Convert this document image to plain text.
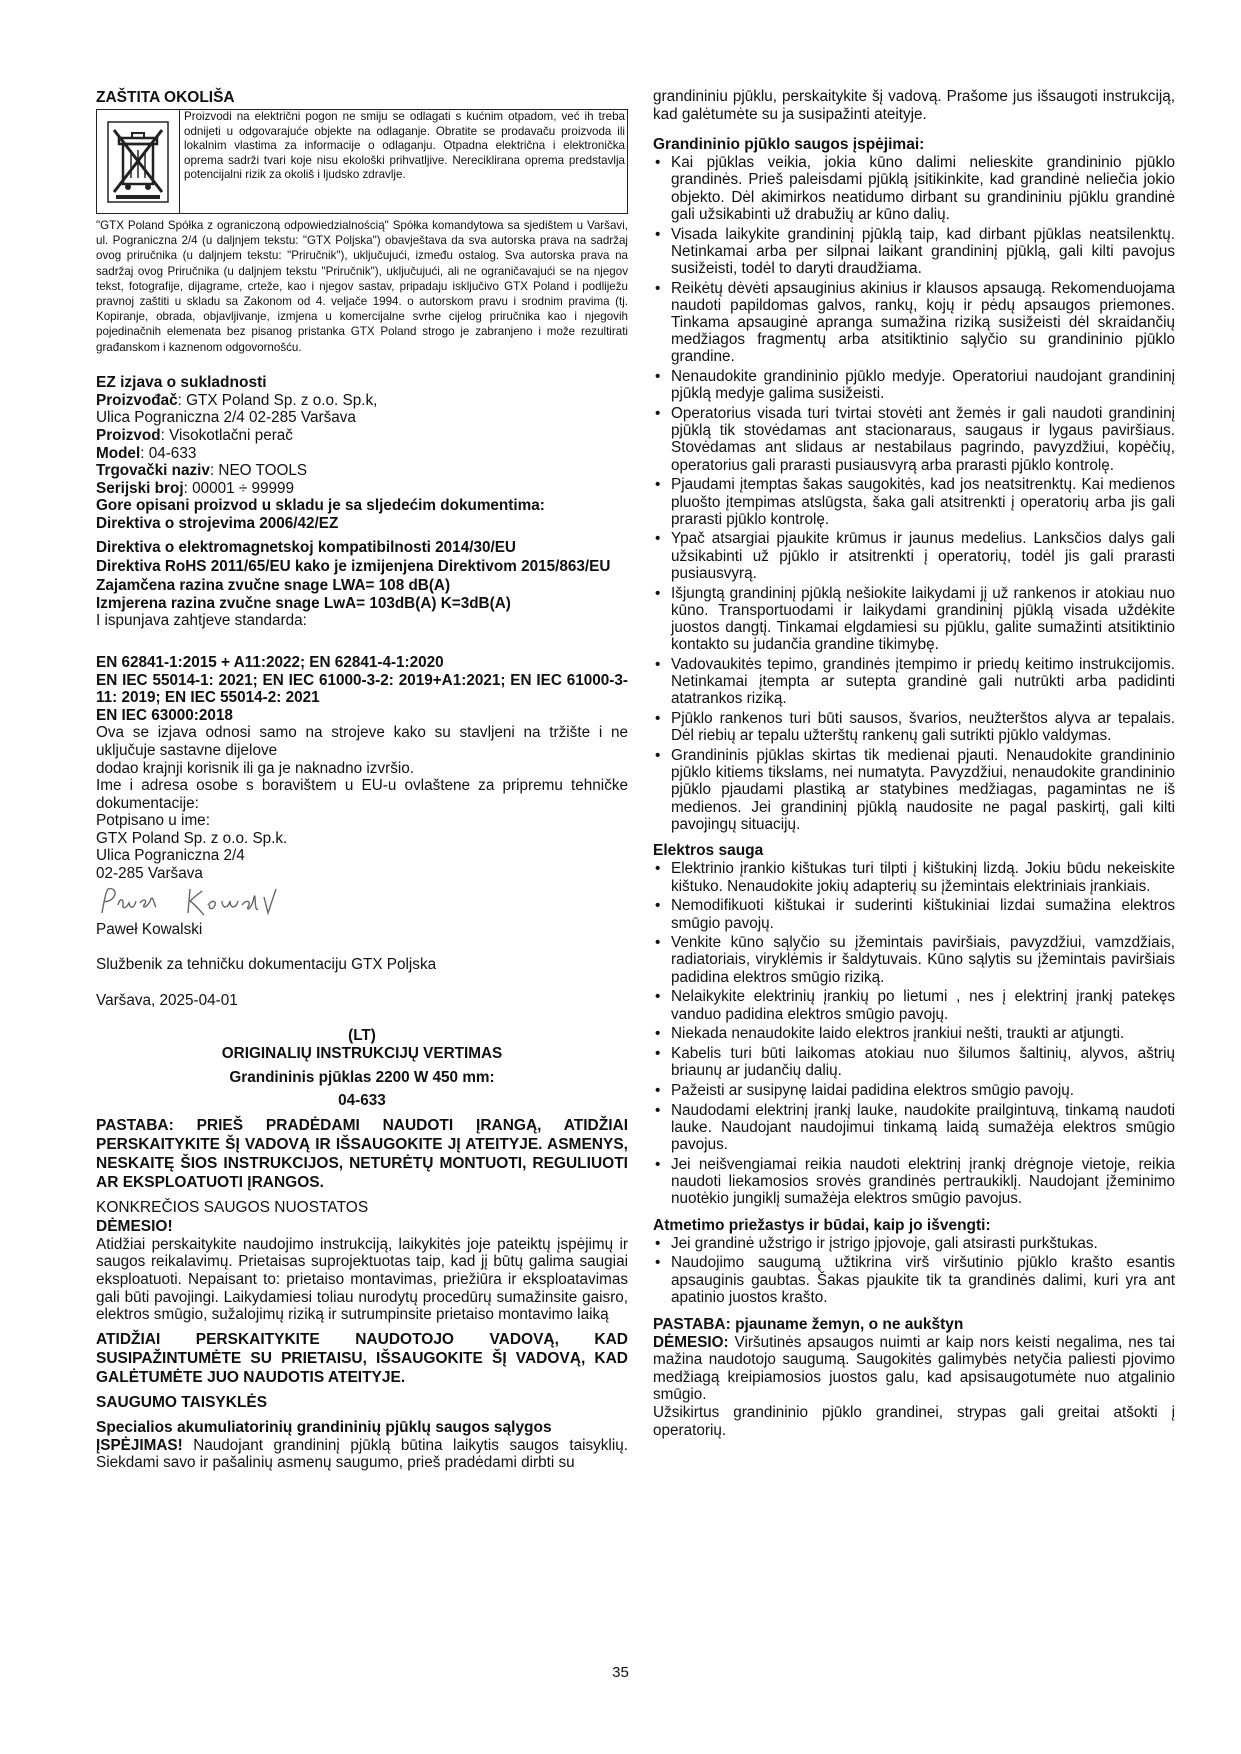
ZAŠTITA OKOLIŠA
Proizvodi na električni pogon ne smiju se odlagati s kućnim otpadom, već ih treba odnijeti u odgovarajuće objekte na odlaganje. Obratite se prodavaču proizvoda ili lokalnim vlastima za informacije o odlaganju. Otpadna električna i elektronička oprema sadrži tvari koje nisu ekološki prihvatljive. Nereciklirana oprema predstavlja potencijalni rizik za okoliš i ljudsko zdravlje.
"GTX Poland Spółka z ograniczoną odpowiedzialnością" Spółka komandytowa sa sjedištem u Varšavi, ul. Pograniczna 2/4 (u daljnjem tekstu: "GTX Poljska") obavještava da sva autorska prava na sadržaj ovog priručnika (u daljnjem tekstu: "Priručnik"), uključujući, između ostalog. Sva autorska prava na sadržaj ovog Priručnika (u daljnjem tekstu "Priručnik"), uključujući, ali ne ograničavajući se na njegov tekst, fotografije, dijagrame, crteže, kao i njegov sastav, pripadaju isključivo GTX Poland i podliježu pravnoj zaštiti u skladu sa Zakonom od 4. veljače 1994. o autorskom pravu i srodnim pravima (tj. Kopiranje, obrada, objavljivanje, izmjena u komercijalne svrhe cijelog priručnika kao i njegovih pojedinačnih elemenata bez pisanog pristanka GTX Poland strogo je zabranjeno i može rezultirati građanskom i kaznenom odgovornošću.
EZ izjava o sukladnosti

Proizvođač: GTX Poland Sp. z o.o. Sp.k,

Ulica Pograniczna 2/4 02-285 Varšava

Proizvod: Visokotlačni perač

Model: 04-633

Trgovački naziv: NEO TOOLS

Serijski broj: 00001 ÷ 99999

Gore opisani proizvod u skladu je sa sljedećim dokumentima:

Direktiva o strojevima 2006/42/EZ

Direktiva o elektromagnetskoj kompatibilnosti 2014/30/EU

Direktiva RoHS 2011/65/EU kako je izmijenjena Direktivom 2015/863/EU

Zajamčena razina zvučne snage LWA= 108 dB(A)

Izmjerena razina zvučne snage LwA= 103dB(A) K=3dB(A)

I ispunjava zahtjeve standarda:

EN 62841-1:2015 + A11:2022; EN 62841-4-1:2020

EN IEC 55014-1: 2021; EN IEC 61000-3-2: 2019+A1:2021; EN IEC 61000-3-11: 2019; EN IEC 55014-2: 2021

EN IEC 63000:2018

Ova se izjava odnosi samo na strojeve kako su stavljeni na tržište i ne uključuje sastavne dijelove

dodao krajnji korisnik ili ga je naknadno izvršio.

Ime i adresa osobe s boravištem u EU-u ovlaštene za pripremu tehničke dokumentacije:

Potpisano u ime:

GTX Poland Sp. z o.o. Sp.k.

Ulica Pograniczna 2/4

02-285 Varšava

Paweł Kowalski

Službenik za tehničku dokumentaciju GTX Poljska

Varšava, 2025-04-01

(LT)

ORIGINALIŲ INSTRUKCIJŲ VERTIMAS

Grandininis pjūklas 2200 W 450 mm:

04-633

PASTABA: PRIEŠ PRADĖDAMI NAUDOTI ĮRANGĄ, ATIDŽIAI PERSKAITYKITE ŠĮ VADOVĄ IR IŠSAUGOKITE JĮ ATEITYJE. ASMENYS, NESKAITĘ ŠIOS INSTRUKCIJOS, NETURĖTŲ MONTUOTI, REGULIUOTI AR EKSPLOATUOTI ĮRANGOS.
KONKREČIOS SAUGOS NUOSTATOS
DĖMESIO!

Atidžiai perskaitykite naudojimo instrukciją, laikykitės joje pateiktų įspėjimų ir saugos reikalavimų. Prietaisas suprojektuotas taip, kad jį būtų galima saugiai eksploatuoti. Nepaisant to: prietaiso montavimas, priežiūra ir eksploatavimas gali būti pavojingi. Laikydamiesi toliau nurodytų procedūrų sumažinsite gaisro, elektros smūgio, sužalojimų riziką ir sutrumpinsite prietaiso montavimo laiką

ATIDŽIAI PERSKAITYKITE NAUDOTOJO VADOVĄ, KAD SUSIPAŽINTUMĖTE SU PRIETAISU, IŠSAUGOKITE ŠĮ VADOVĄ, KAD GALĖTUMĖTE JUO NAUDOTIS ATEITYJE.
SAUGUMO TAISYKLĖS
Specialios akumuliatorinių grandininių pjūklų saugos sąlygos

ĮSPĖJIMAS! Naudojant grandininį pjūklą būtina laikytis saugos taisyklių. Siekdami savo ir pašalinių asmenų saugumo, prieš pradėdami dirbti su

grandininiu pjūklu, perskaitykite šį vadovą. Prašome jus išsaugoti instrukciją, kad galėtumėte su ja susipažinti ateityje.

Grandininio pjūklo saugos įspėjimai:
• Kai pjūklas veikia, jokia kūno dalimi nelieskite grandininio pjūklo grandinės. Prieš paleisdami pjūklą įsitikinkite, kad grandinė neliečia jokio objekto. Dėl akimirkos neatidumo dirbant su grandininiu pjūklu grandinė gali užsikabinti už drabužių ar kūno dalių.
• Visada laikykite grandininį pjūklą taip, kad dirbant pjūklas neatsilenktų. Netinkamai arba per silpnai laikant grandininį pjūklą, gali kilti pavojus susižeisti, todėl to daryti draudžiama.
• Reikėtų dėvėti apsauginius akinius ir klausos apsaugą. Rekomenduojama naudoti papildomas galvos, rankų, kojų ir pėdų apsaugos priemones. Tinkama apsauginė apranga sumažina riziką susižeisti dėl skraidančių medžiagos fragmentų arba atsitiktinio sąlyčio su grandininio pjūklo grandine.
• Nenaudokite grandininio pjūklo medyje. Operatoriui naudojant grandininį pjūklą medyje galima susižeisti.
• Operatorius visada turi tvirtai stovėti ant žemės ir gali naudoti grandininį pjūklą tik stovėdamas ant stacionaraus, saugaus ir lygaus paviršiaus. Stovėdamas ant slidaus ar nestabilaus pagrindo, pavyzdžiui, kopėčių, operatorius gali prarasti pusiausvyrą arba prarasti pjūklo kontrolę.
• Pjaudami įtemptas šakas saugokitės, kad jos neatsitrenktų. Kai medienos pluošto įtempimas atslūgsta, šaka gali atsitrenkti į operatorių arba jis gali prarasti pjūklo kontrolę.
• Ypač atsargiai pjaukite krūmus ir jaunus medelius. Lanksčios dalys gali užsikabinti už pjūklo ir atsitrenkti į operatorių, todėl jis gali prarasti pusiausvyrą.
• Išjungtą grandininį pjūklą nešiokite laikydami jį už rankenos ir atokiau nuo kūno. Transportuodami ir laikydami grandininį pjūklą visada uždėkite juostos dangtį. Tinkamai elgdamiesi su pjūklu, galite sumažinti atsitiktinio kontakto su judančia grandine tikimybę.
• Vadovaukitės tepimo, grandinės įtempimo ir priedų keitimo instrukcijomis. Netinkamai įtempta ar sutepta grandinė gali nutrūkti arba padidinti atatrankos riziką.
• Pjūklo rankenos turi būti sausos, švarios, neužterštos alyva ar tepalais. Dėl riebių ar tepalu užterštų rankenų gali sutrikti pjūklo valdymas.
• Grandininis pjūklas skirtas tik medienai pjauti. Nenaudokite grandininio pjūklo kitiems tikslams, nei numatyta. Pavyzdžiui, nenaudokite grandininio pjūklo pjaudami plastiką ar statybines medžiagas, pagamintas ne iš medienos. Jei grandininį pjūklą naudosite ne pagal paskirtį, gali kilti pavojingų situacijų.
Elektros sauga
• Elektrinio įrankio kištukas turi tilpti į kištukinį lizdą. Jokiu būdu nekeiskite kištuko. Nenaudokite jokių adapterių su įžemintais elektriniais įrankiais.
• Nemodifikuoti kištukai ir suderinti kištukiniai lizdai sumažina elektros smūgio pavojų.
• Venkite kūno sąlyčio su įžemintais paviršiais, pavyzdžiui, vamzdžiais, radiatoriais, viryklėmis ir šaldytuvais. Kūno sąlytis su įžemintais paviršiais padidina elektros smūgio riziką.
• Nelaikykite elektrinių įrankių po lietumi , nes į elektrinį įrankį patekęs vanduo padidina elektros smūgio pavojų.
• Niekada nenaudokite laido elektros įrankiui nešti, traukti ar atjungti.
• Kabelis turi būti laikomas atokiau nuo šilumos šaltinių, alyvos, aštrių briaunų ar judančių dalių.
• Pažeisti ar susipynę laidai padidina elektros smūgio pavojų.
• Naudodami elektrinį įrankį lauke, naudokite prailgintuvą, tinkamą naudoti lauke. Naudojant naudojimui tinkamą laidą sumažėja elektros smūgio pavojus.
• Jei neišvengiamai reikia naudoti elektrinį įrankį drėgnoje vietoje, reikia naudoti liekamosios srovės grandinės pertraukiklį. Naudojant įžeminimo nuotėkio jungiklį sumažėja elektros smūgio pavojus.
Atmetimo priežastys ir būdai, kaip jo išvengti:
• Jei grandinė užstrigo ir įstrigo įpjovoje, gali atsirasti purkštukas.
• Naudojimo saugumą užtikrina virš viršutinio pjūklo krašto esantis apsauginis gaubtas. Šakas pjaukite tik ta grandinės dalimi, kuri yra ant apatinio juostos krašto.
PASTABA: pjauname žemyn, o ne aukštyn

DĖMESIO: Viršutinės apsaugos nuimti ar kaip nors keisti negalima, nes tai mažina naudotojo saugumą. Saugokitės galimybės netyčia paliesti pjovimo medžiagą kreipiamosios juostos galu, kad apsisaugotumėte nuo atgalinio smūgio.

Užsikirtus grandininio pjūklo grandinei, strypas gali greitai atšokti į operatorių.

35
